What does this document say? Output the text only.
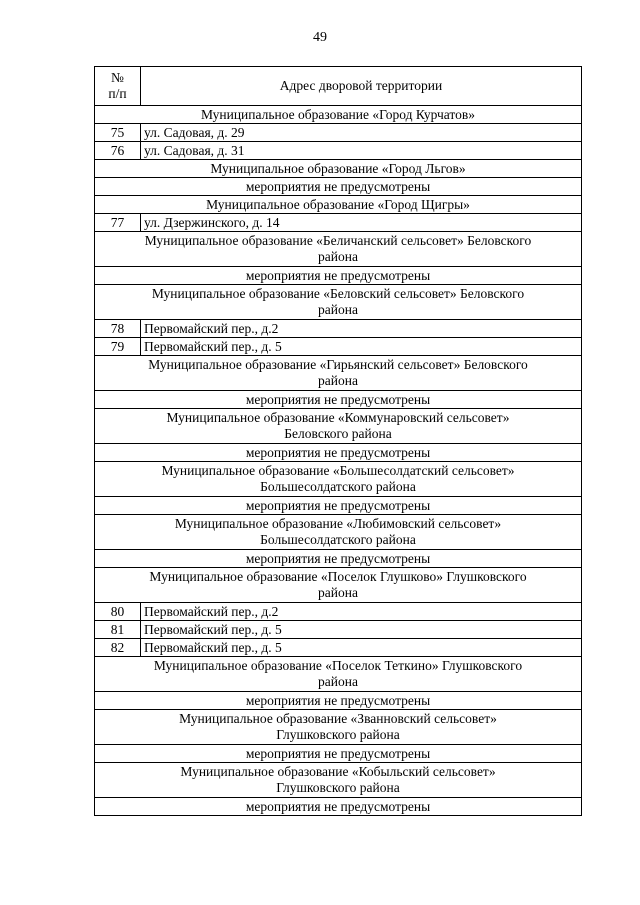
49
№
п/п	Адрес дворовой территории
Муниципальное образование «Город Курчатов»	
75	ул. Садовая, д. 29
76	ул. Садовая, д. 31
Муниципальное образование «Город Льгов»	
мероприятия не предусмотрены	
Муниципальное образование «Город Щигры»	
77	ул. Дзержинского, д. 14
Муниципальное образование «Беличанский сельсовет» Беловского
района	
мероприятия не предусмотрены	
Муниципальное образование «Беловский сельсовет» Беловского
района	
78	Первомайский пер., д.2
79	Первомайский пер., д. 5
Муниципальное образование «Гирьянский сельсовет» Беловского
района	
мероприятия не предусмотрены	
Муниципальное образование «Коммунаровский сельсовет»
Беловского района	
мероприятия не предусмотрены	
Муниципальное образование «Большесолдатский сельсовет»
Большесолдатского района	
мероприятия не предусмотрены	
Муниципальное образование «Любимовский сельсовет»
Большесолдатского района	
мероприятия не предусмотрены	
Муниципальное образование «Поселок Глушково» Глушковского
района	
80	Первомайский пер., д.2
81	Первомайский пер., д. 5
82	Первомайский пер., д. 5
Муниципальное образование «Поселок Теткино» Глушковского
района	
мероприятия не предусмотрены	
Муниципальное образование «Званновский сельсовет»
Глушковского района	
мероприятия не предусмотрены	
Муниципальное образование «Кобыльский сельсовет»
Глушковского района	
мероприятия не предусмотрены	
